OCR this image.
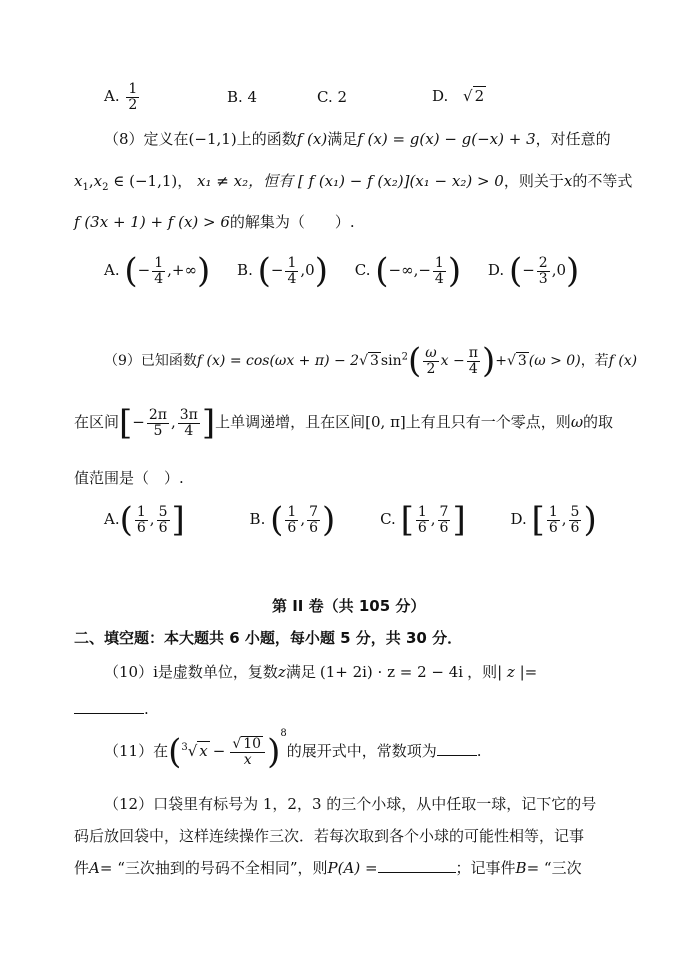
A. $\frac{1}{2}$	B. 4	C. 2	D. √ 2
（8）定义在(−1,1)上的函数f (x)满足f (x) = g(x) − g(−x) + 3，对任意的
$x_1,x_2$ ∈ (−1,1)， x₁ ≠ x₂，恒有 [ f (x₁) − f (x₂)](x₁ − x₂) > 0，则关于x的不等式
f (3x + 1) + f (x) > 6的解集为（　　）.
A. (− $\frac{1}{4}$ ,+∞) B. (− $\frac{1}{4} ,0$) C. (−∞,− $\frac{1}{4}$ ) D. (− $\frac{2}{3} ,0$)
（9）已知函数f (x) = cos(ωx + π) − 2√ 3 $\sin^2( \frac{\omega}{2}$ $x - \frac{\pi}{4}$ )+√ 3 (ω > 0)，若f (x)
在区间[− $\frac{2\pi}{5}$ , $\frac{3\pi}{4}$ ]上单调递增，且在区间[0, π]上有且只有一个零点，则ω的取
值范围是（　）.
$A.( \frac{1}{6}$ , $\frac{5}{6}$ ]	B. ( $\frac{1}{6}$ , $\frac{7}{6}$ )	C. [ $\frac{1}{6}$ , $\frac{7}{6}$ ]	D. [ $\frac{1}{6}$ , $\frac{5}{6}$ )
第 II 卷（共 105 分）
二、填空题：本大题共 6 小题，每小题 5 分，共 30 分．
（10）i是虚数单位，复数z满足 (1+ 2i) · z = 2 − 4i ，则| z |=
.
（11）在($^3$√ $x - \frac{√ 10}{x} )^8$的展开式中，常数项为	.
（12）口袋里有标号为 1，2，3 的三个小球，从中任取一球，记下它的号
码后放回袋中，这样连续操作三次．若每次取到各个小球的可能性相等，记事
件A= “三次抽到的号码不全相同”，则P(A) =	；记事件B= “三次
